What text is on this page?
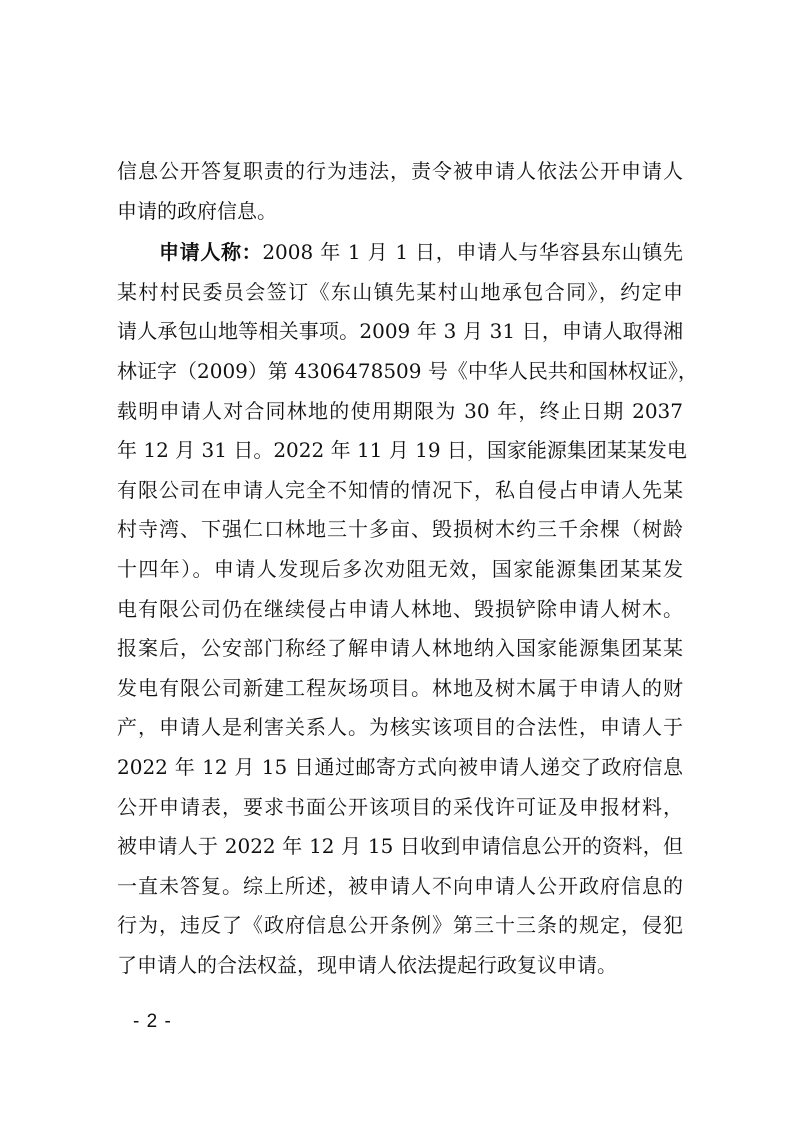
信息公开答复职责的行为违法，责令被申请人依法公开申请人
申请的政府信息。
申请人称：2008 年 1 月 1 日，申请人与华容县东山镇先
某村村民委员会签订《东山镇先某村山地承包合同》，约定申
请人承包山地等相关事项。2009 年 3 月 31 日，申请人取得湘
林证字（2009）第 4306478509 号《中华人民共和国林权证》，
载明申请人对合同林地的使用期限为 30 年，终止日期 2037
年 12 月 31 日。2022 年 11 月 19 日，国家能源集团某某发电
有限公司在申请人完全不知情的情况下，私自侵占申请人先某
村寺湾、下强仁口林地三十多亩、毁损树木约三千余棵（树龄
十四年）。申请人发现后多次劝阻无效，国家能源集团某某发
电有限公司仍在继续侵占申请人林地、毁损铲除申请人树木。
报案后，公安部门称经了解申请人林地纳入国家能源集团某某
发电有限公司新建工程灰场项目。林地及树木属于申请人的财
产，申请人是利害关系人。为核实该项目的合法性，申请人于
2022 年 12 月 15 日通过邮寄方式向被申请人递交了政府信息
公开申请表，要求书面公开该项目的采伐许可证及申报材料，
被申请人于 2022 年 12 月 15 日收到申请信息公开的资料，但
一直未答复。综上所述，被申请人不向申请人公开政府信息的
行为，违反了《政府信息公开条例》第三十三条的规定，侵犯
了申请人的合法权益，现申请人依法提起行政复议申请。
- 2 -
